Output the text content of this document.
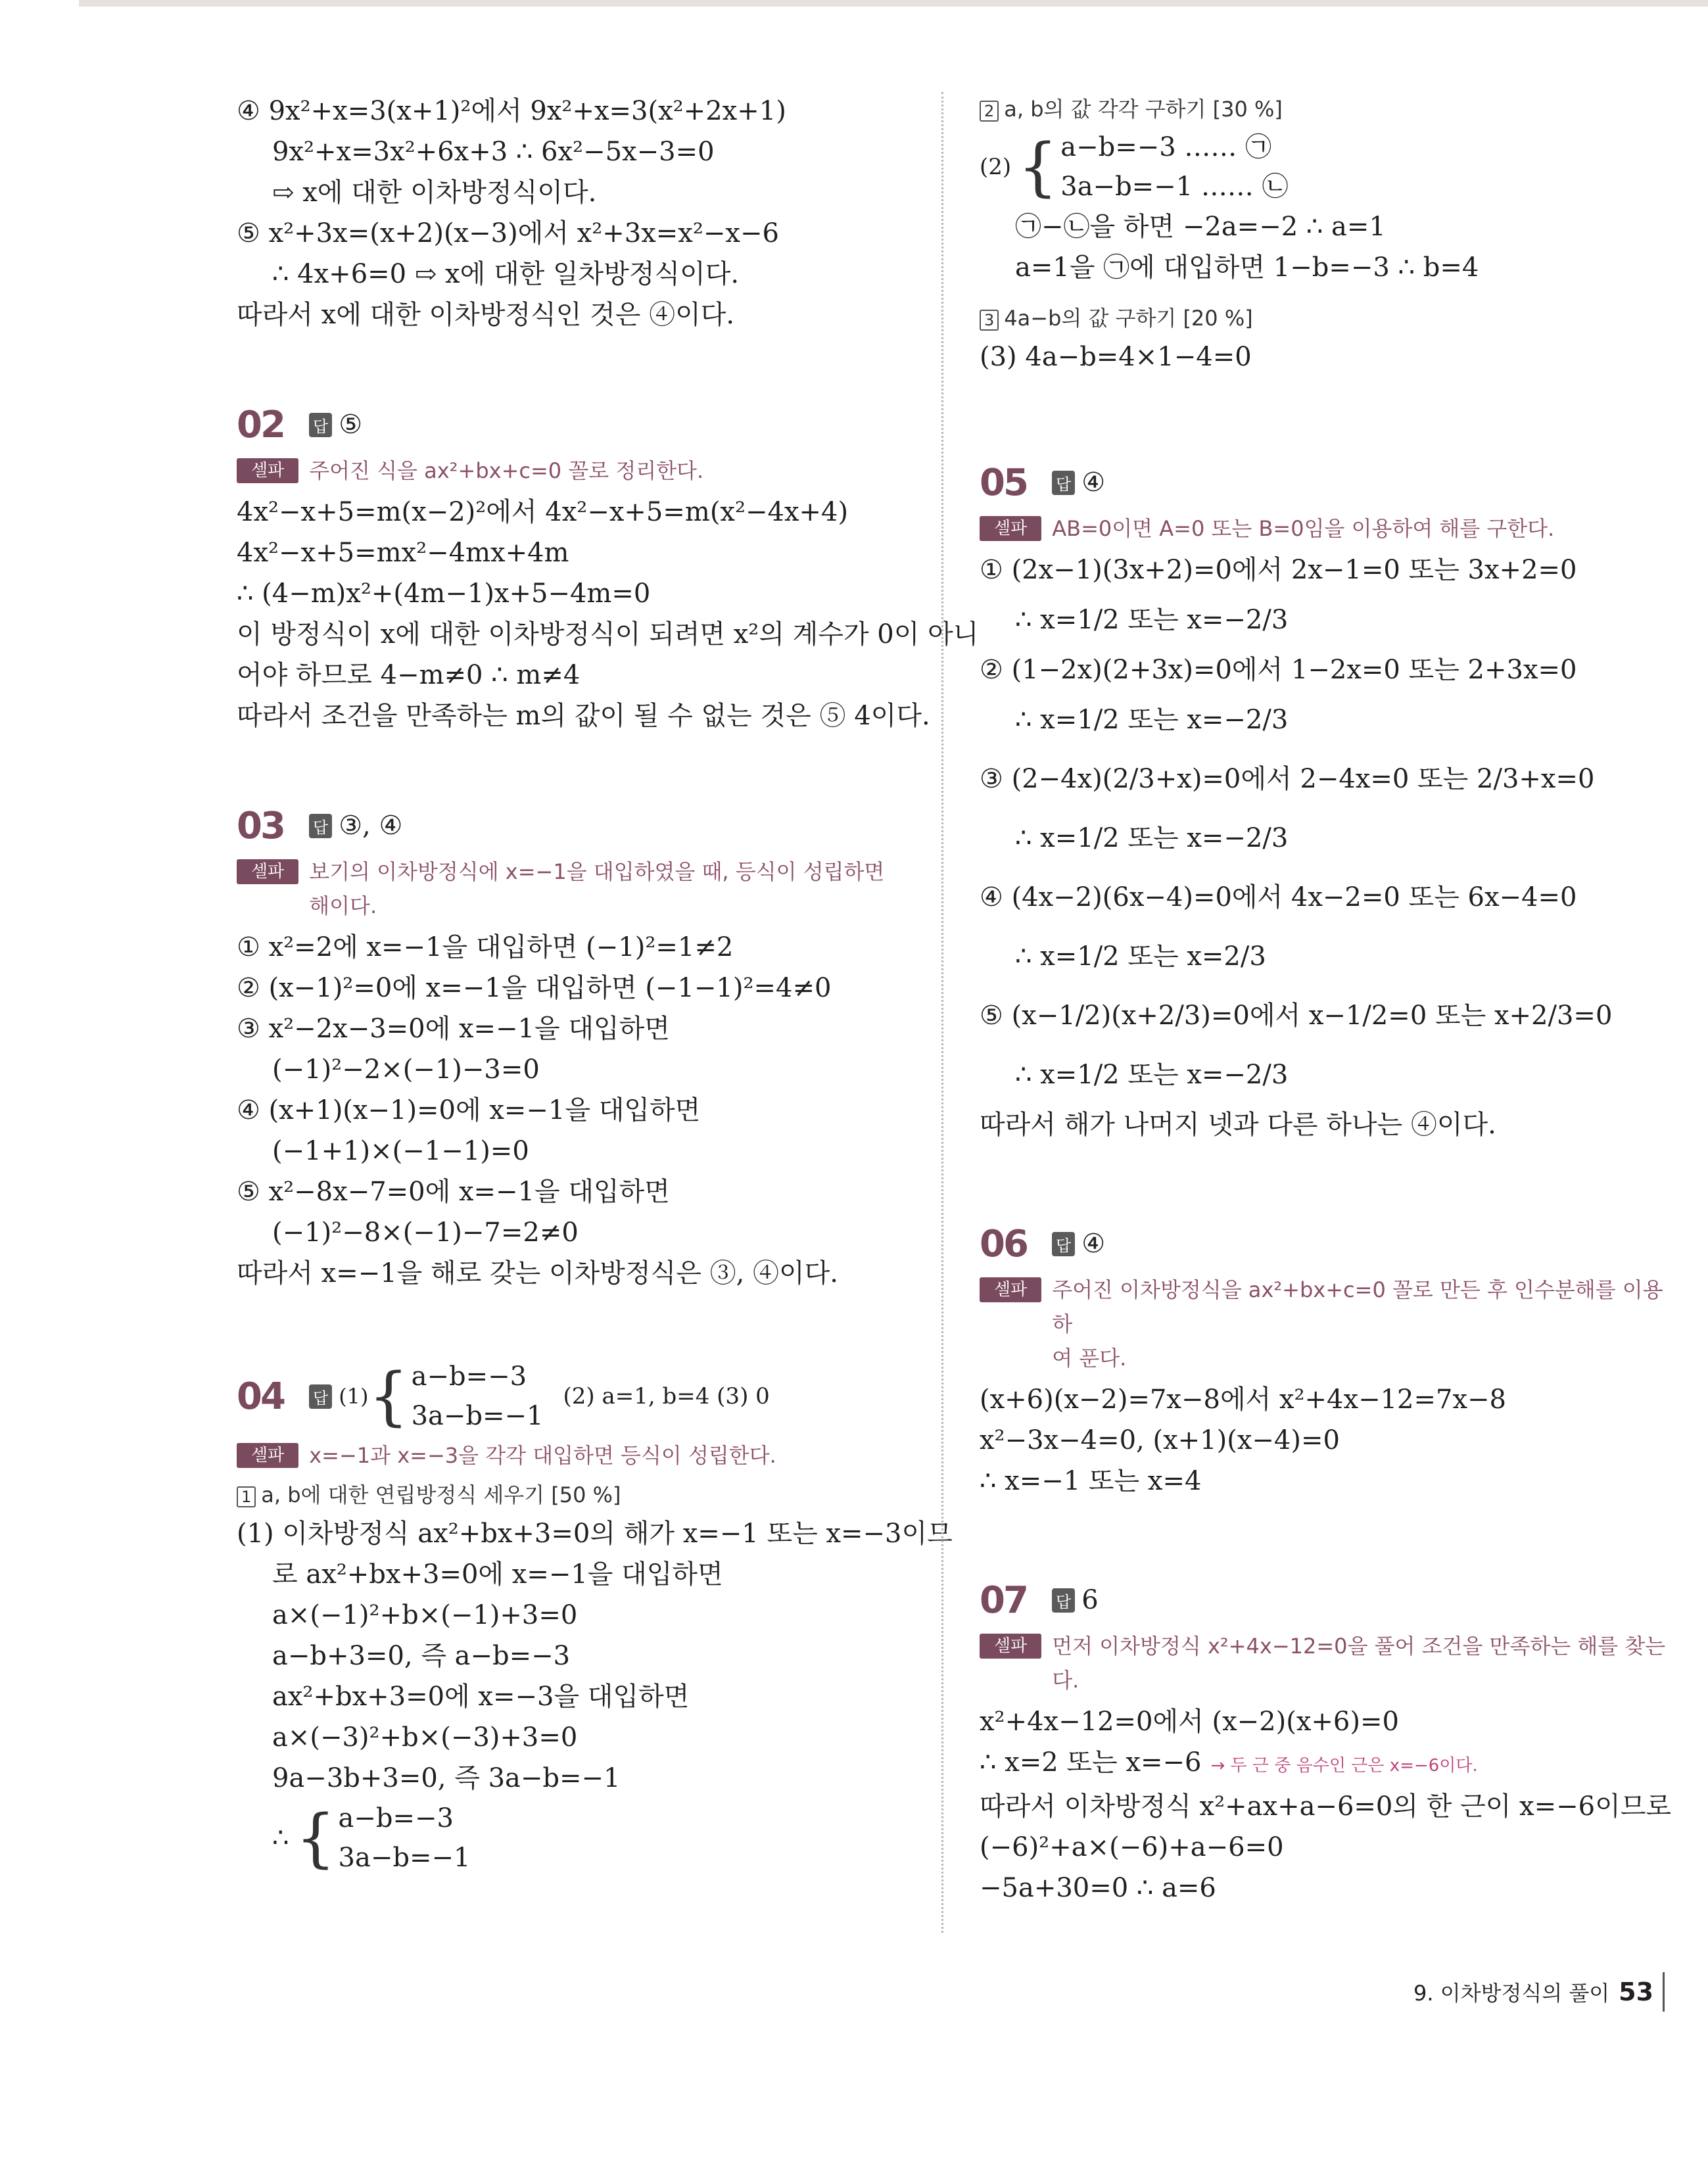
④ 9x²+x=3(x+1)²에서 9x²+x=3(x²+2x+1)
9x²+x=3x²+6x+3 ∴ 6x²−5x−3=0
⇨ x에 대한 이차방정식이다.
⑤ x²+3x=(x+2)(x−3)에서 x²+3x=x²−x−6
∴ 4x+6=0 ⇨ x에 대한 일차방정식이다.
따라서 x에 대한 이차방정식인 것은 ④이다.
02	답 ⑤
셀파	주어진 식을 ax²+bx+c=0 꼴로 정리한다.
4x²−x+5=m(x−2)²에서 4x²−x+5=m(x²−4x+4)
4x²−x+5=mx²−4mx+4m
∴ (4−m)x²+(4m−1)x+5−4m=0
이 방정식이 x에 대한 이차방정식이 되려면 x²의 계수가 0이 아니
어야 하므로 4−m≠0 ∴ m≠4
따라서 조건을 만족하는 m의 값이 될 수 없는 것은 ⑤ 4이다.
03	답 ③, ④
셀파	보기의 이차방정식에 x=−1을 대입하였을 때, 등식이 성립하면 해이다.
① x²=2에 x=−1을 대입하면 (−1)²=1≠2
② (x−1)²=0에 x=−1을 대입하면 (−1−1)²=4≠0
③ x²−2x−3=0에 x=−1을 대입하면
(−1)²−2×(−1)−3=0
④ (x+1)(x−1)=0에 x=−1을 대입하면
(−1+1)×(−1−1)=0
⑤ x²−8x−7=0에 x=−1을 대입하면
(−1)²−8×(−1)−7=2≠0
따라서 x=−1을 해로 갖는 이차방정식은 ③, ④이다.
04	답 (1) { a−b=−3
3a−b=−1
(2) a=1, b=4 (3) 0
셀파	x=−1과 x=−3을 각각 대입하면 등식이 성립한다.
1 a, b에 대한 연립방정식 세우기 [50 %]
(1) 이차방정식 ax²+bx+3=0의 해가 x=−1 또는 x=−3이므
로 ax²+bx+3=0에 x=−1을 대입하면
a×(−1)²+b×(−1)+3=0
a−b+3=0, 즉 a−b=−3
ax²+bx+3=0에 x=−3을 대입하면
a×(−3)²+b×(−3)+3=0
9a−3b+3=0, 즉 3a−b=−1
∴ { a−b=−3
3a−b=−1
2 a, b의 값 각각 구하기 [30 %]
(2) { a−b=−3 …… ㉠
3a−b=−1 …… ㉡
㉠−㉡을 하면 −2a=−2 ∴ a=1
a=1을 ㉠에 대입하면 1−b=−3 ∴ b=4
3 4a−b의 값 구하기 [20 %]
(3) 4a−b=4×1−4=0
05	답 ④
셀파	AB=0이면 A=0 또는 B=0임을 이용하여 해를 구한다.
① (2x−1)(3x+2)=0에서 2x−1=0 또는 3x+2=0
∴ x=1/2 또는 x=−2/3
② (1−2x)(2+3x)=0에서 1−2x=0 또는 2+3x=0
∴ x=1/2 또는 x=−2/3
③ (2−4x)(2/3+x)=0에서 2−4x=0 또는 2/3+x=0
∴ x=1/2 또는 x=−2/3
④ (4x−2)(6x−4)=0에서 4x−2=0 또는 6x−4=0
∴ x=1/2 또는 x=2/3
⑤ (x−1/2)(x+2/3)=0에서 x−1/2=0 또는 x+2/3=0
∴ x=1/2 또는 x=−2/3
따라서 해가 나머지 넷과 다른 하나는 ④이다.
06	답 ④
셀파	주어진 이차방정식을 ax²+bx+c=0 꼴로 만든 후 인수분해를 이용하
여 푼다.
(x+6)(x−2)=7x−8에서 x²+4x−12=7x−8
x²−3x−4=0, (x+1)(x−4)=0
∴ x=−1 또는 x=4
07	답 6
셀파	먼저 이차방정식 x²+4x−12=0을 풀어 조건을 만족하는 해를 찾는다.
x²+4x−12=0에서 (x−2)(x+6)=0
∴ x=2 또는 x=−6 → 두 근 중 음수인 근은 x=−6이다.
따라서 이차방정식 x²+ax+a−6=0의 한 근이 x=−6이므로
(−6)²+a×(−6)+a−6=0
−5a+30=0 ∴ a=6
9. 이차방정식의 풀이 53
